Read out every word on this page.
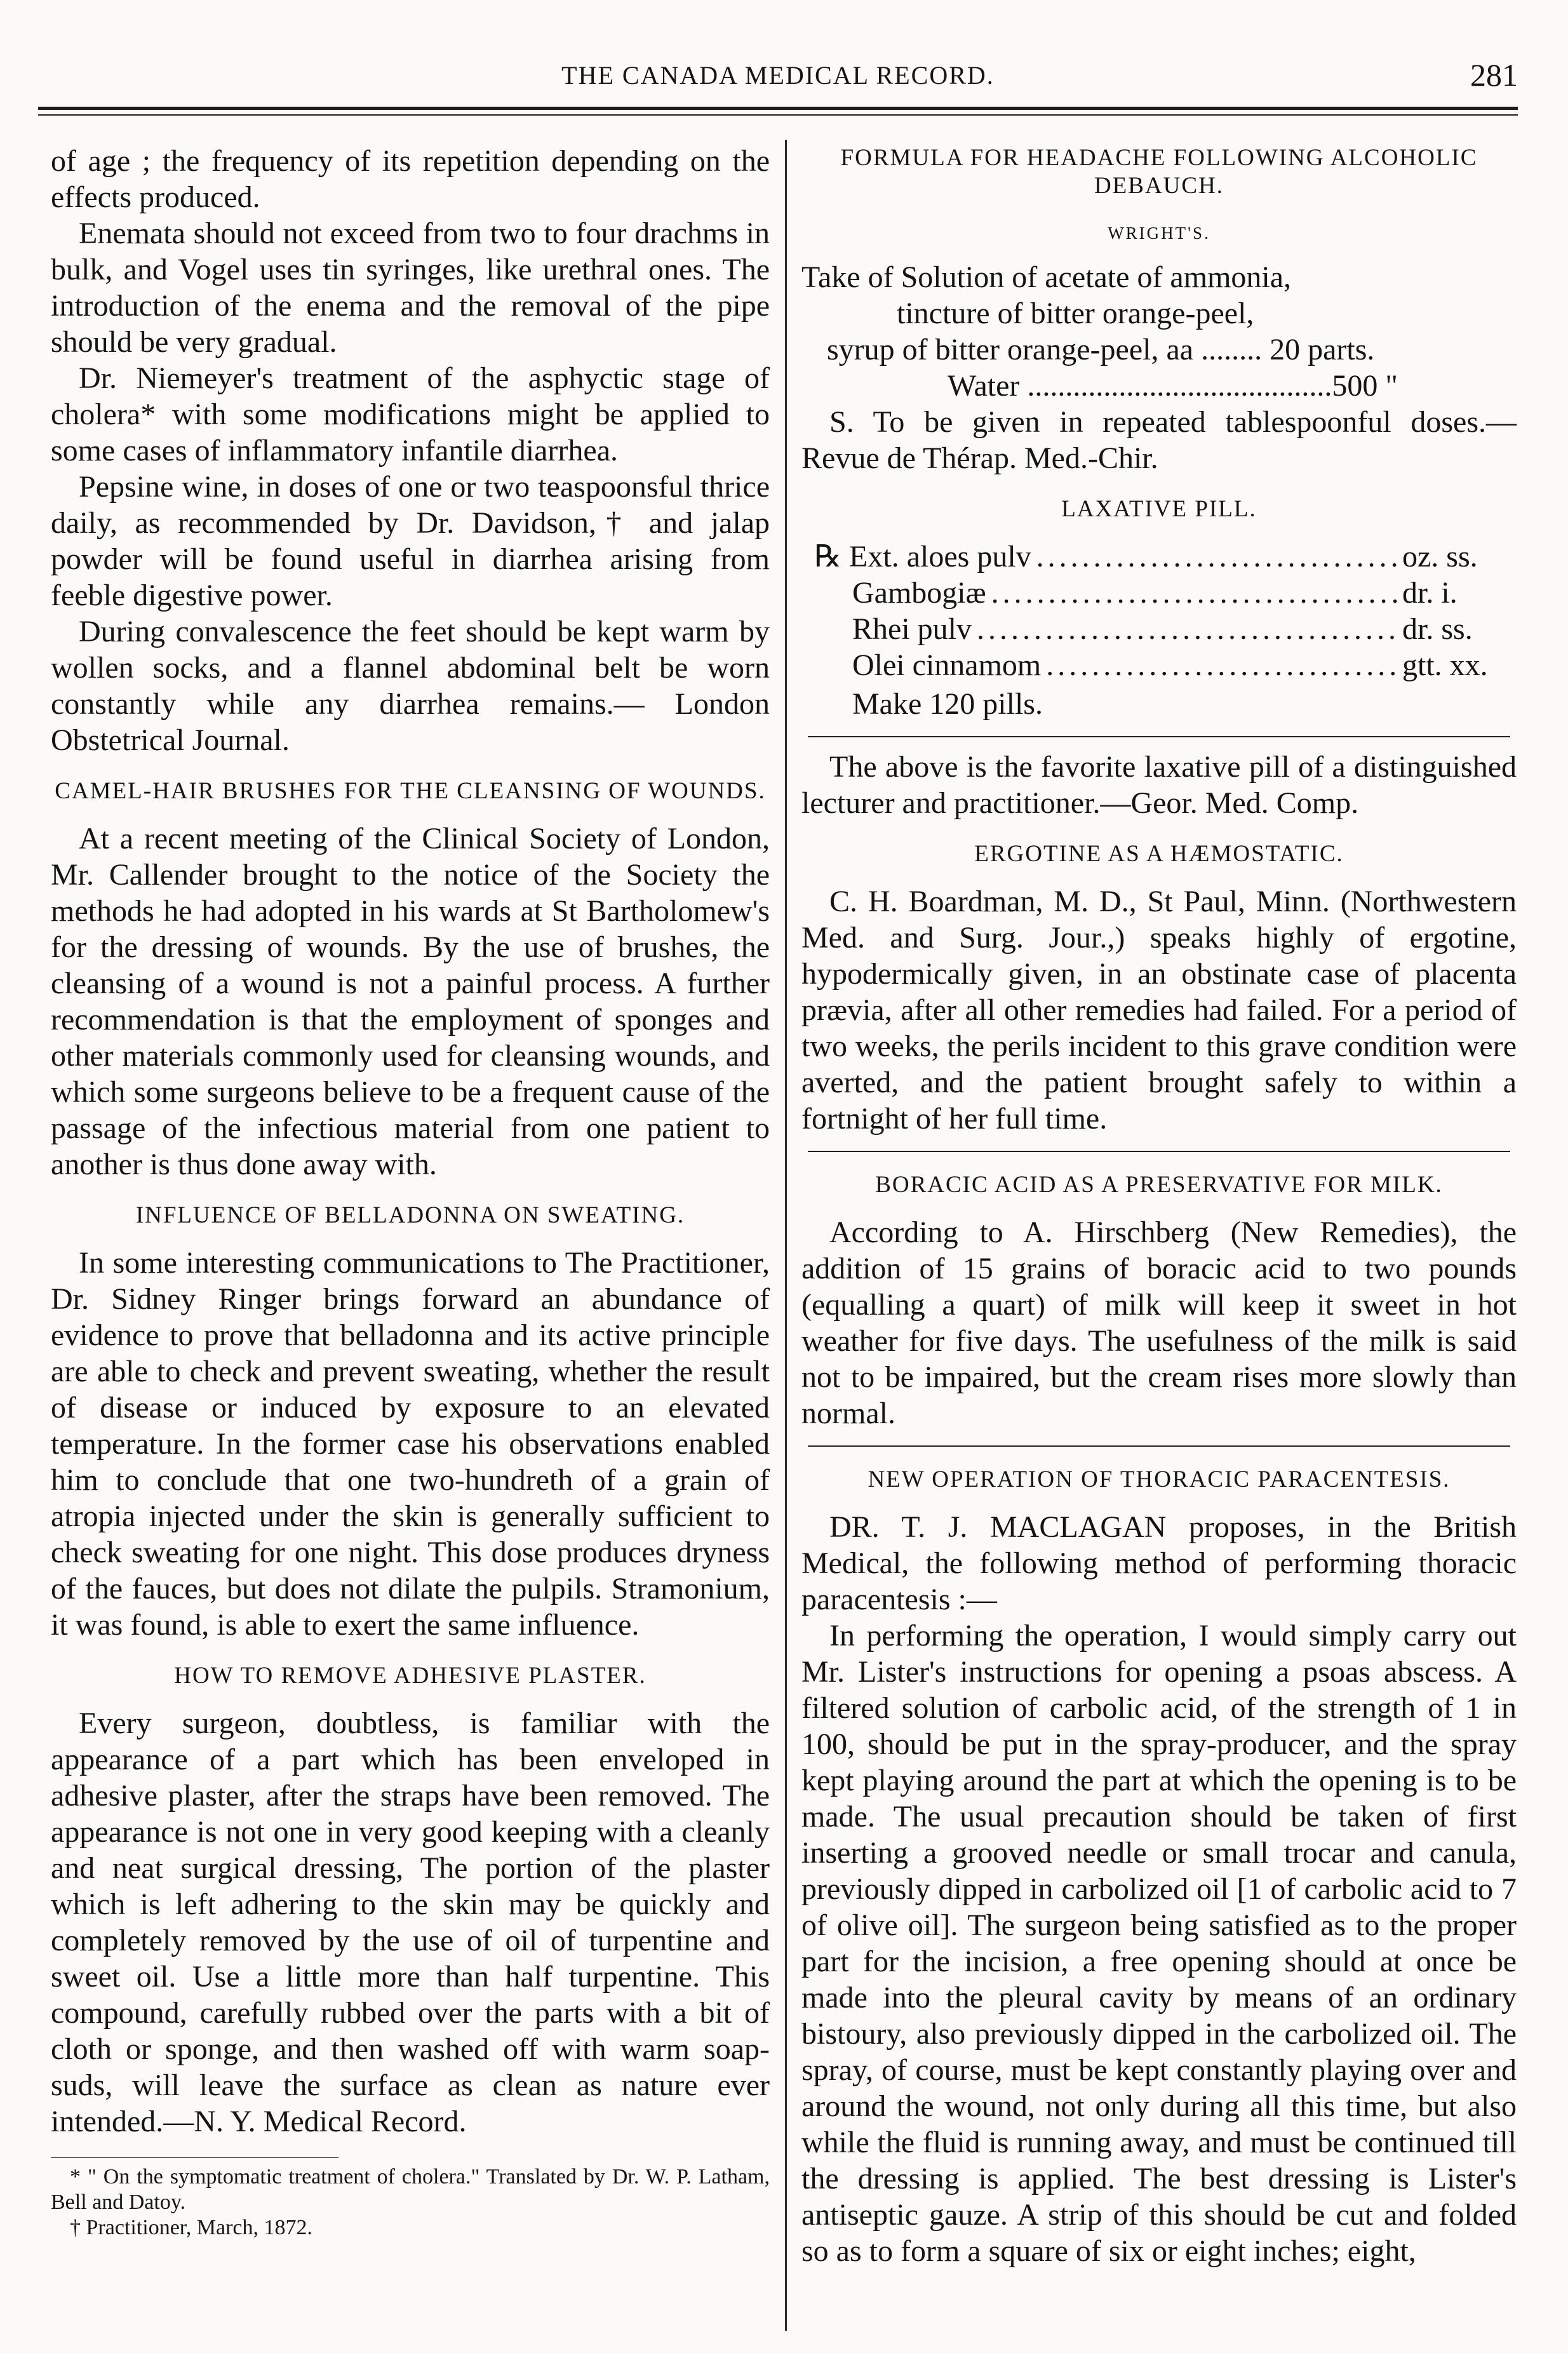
THE CANADA MEDICAL RECORD.	281

of age ; the frequency of its repetition depending on the effects produced.

Enemata should not exceed from two to four drachms in bulk, and Vogel uses tin syringes, like urethral ones. The introduction of the enema and the removal of the pipe should be very gradual.

Dr. Niemeyer's treatment of the asphyctic stage of cholera* with some modifications might be applied to some cases of inflammatory infantile diarrhea.

Pepsine wine, in doses of one or two teaspoonsful thrice daily, as recommended by Dr. Davidson,† and jalap powder will be found useful in diarrhea arising from feeble digestive power.

During convalescence the feet should be kept warm by wollen socks, and a flannel abdominal belt be worn constantly while any diarrhea remains.— London Obstetrical Journal.

CAMEL-HAIR BRUSHES FOR THE CLEANSING OF WOUNDS.

At a recent meeting of the Clinical Society of London, Mr. Callender brought to the notice of the Society the methods he had adopted in his wards at St Bartholomew's for the dressing of wounds. By the use of brushes, the cleansing of a wound is not a painful process. A further recommendation is that the employment of sponges and other materials commonly used for cleansing wounds, and which some surgeons believe to be a frequent cause of the passage of the infectious material from one patient to another is thus done away with.

INFLUENCE OF BELLADONNA ON SWEATING.

In some interesting communications to The Practitioner, Dr. Sidney Ringer brings forward an abundance of evidence to prove that belladonna and its active principle are able to check and prevent sweating, whether the result of disease or induced by exposure to an elevated temperature. In the former case his observations enabled him to conclude that one two-hundreth of a grain of atropia injected under the skin is generally sufficient to check sweating for one night. This dose produces dryness of the fauces, but does not dilate the pulpils. Stramonium, it was found, is able to exert the same influence.

HOW TO REMOVE ADHESIVE PLASTER.

Every surgeon, doubtless, is familiar with the appearance of a part which has been enveloped in adhesive plaster, after the straps have been removed. The appearance is not one in very good keeping with a cleanly and neat surgical dressing, The portion of the plaster which is left adhering to the skin may be quickly and completely removed by the use of oil of turpentine and sweet oil. Use a little more than half turpentine. This compound, carefully rubbed over the parts with a bit of cloth or sponge, and then washed off with warm soap-suds, will leave the surface as clean as nature ever intended.—N. Y. Medical Record.

* " On the symptomatic treatment of cholera." Translated by Dr. W. P. Latham, Bell and Datoy.

† Practitioner, March, 1872.

FORMULA FOR HEADACHE FOLLOWING ALCOHOLIC DEBAUCH.
WRIGHT'S.

Take of Solution of acetate of ammonia,

tincture of bitter orange-peel,

syrup of bitter orange-peel, aa ........ 20 parts.

Water ........................................500 "

S. To be given in repeated tablespoonful doses.— Revue de Thérap. Med.-Chir.

LAXATIVE PILL.
℞ Ext. aloes pulv .....	oz. ss.
Gambogiæ .....	dr. i.
Rhei pulv .....	dr. ss.
Olei cinnamom .....	gtt. xx.

Make 120 pills.

The above is the favorite laxative pill of a distinguished lecturer and practitioner.—Geor. Med. Comp.

ERGOTINE AS A HÆMOSTATIC.

C. H. Boardman, M. D., St Paul, Minn. (Northwestern Med. and Surg. Jour.,) speaks highly of ergotine, hypodermically given, in an obstinate case of placenta prævia, after all other remedies had failed. For a period of two weeks, the perils incident to this grave condition were averted, and the patient brought safely to within a fortnight of her full time.

BORACIC ACID AS A PRESERVATIVE FOR MILK.

According to A. Hirschberg (New Remedies), the addition of 15 grains of boracic acid to two pounds (equalling a quart) of milk will keep it sweet in hot weather for five days. The usefulness of the milk is said not to be impaired, but the cream rises more slowly than normal.

NEW OPERATION OF THORACIC PARACENTESIS.

DR. T. J. MACLAGAN proposes, in the British Medical, the following method of performing thoracic paracentesis :—

In performing the operation, I would simply carry out Mr. Lister's instructions for opening a psoas abscess. A filtered solution of carbolic acid, of the strength of 1 in 100, should be put in the spray-producer, and the spray kept playing around the part at which the opening is to be made. The usual precaution should be taken of first inserting a grooved needle or small trocar and canula, previously dipped in carbolized oil [1 of carbolic acid to 7 of olive oil]. The surgeon being satisfied as to the proper part for the incision, a free opening should at once be made into the pleural cavity by means of an ordinary bistoury, also previously dipped in the carbolized oil. The spray, of course, must be kept constantly playing over and around the wound, not only during all this time, but also while the fluid is running away, and must be continued till the dressing is applied. The best dressing is Lister's antiseptic gauze. A strip of this should be cut and folded so as to form a square of six or eight inches; eight,
